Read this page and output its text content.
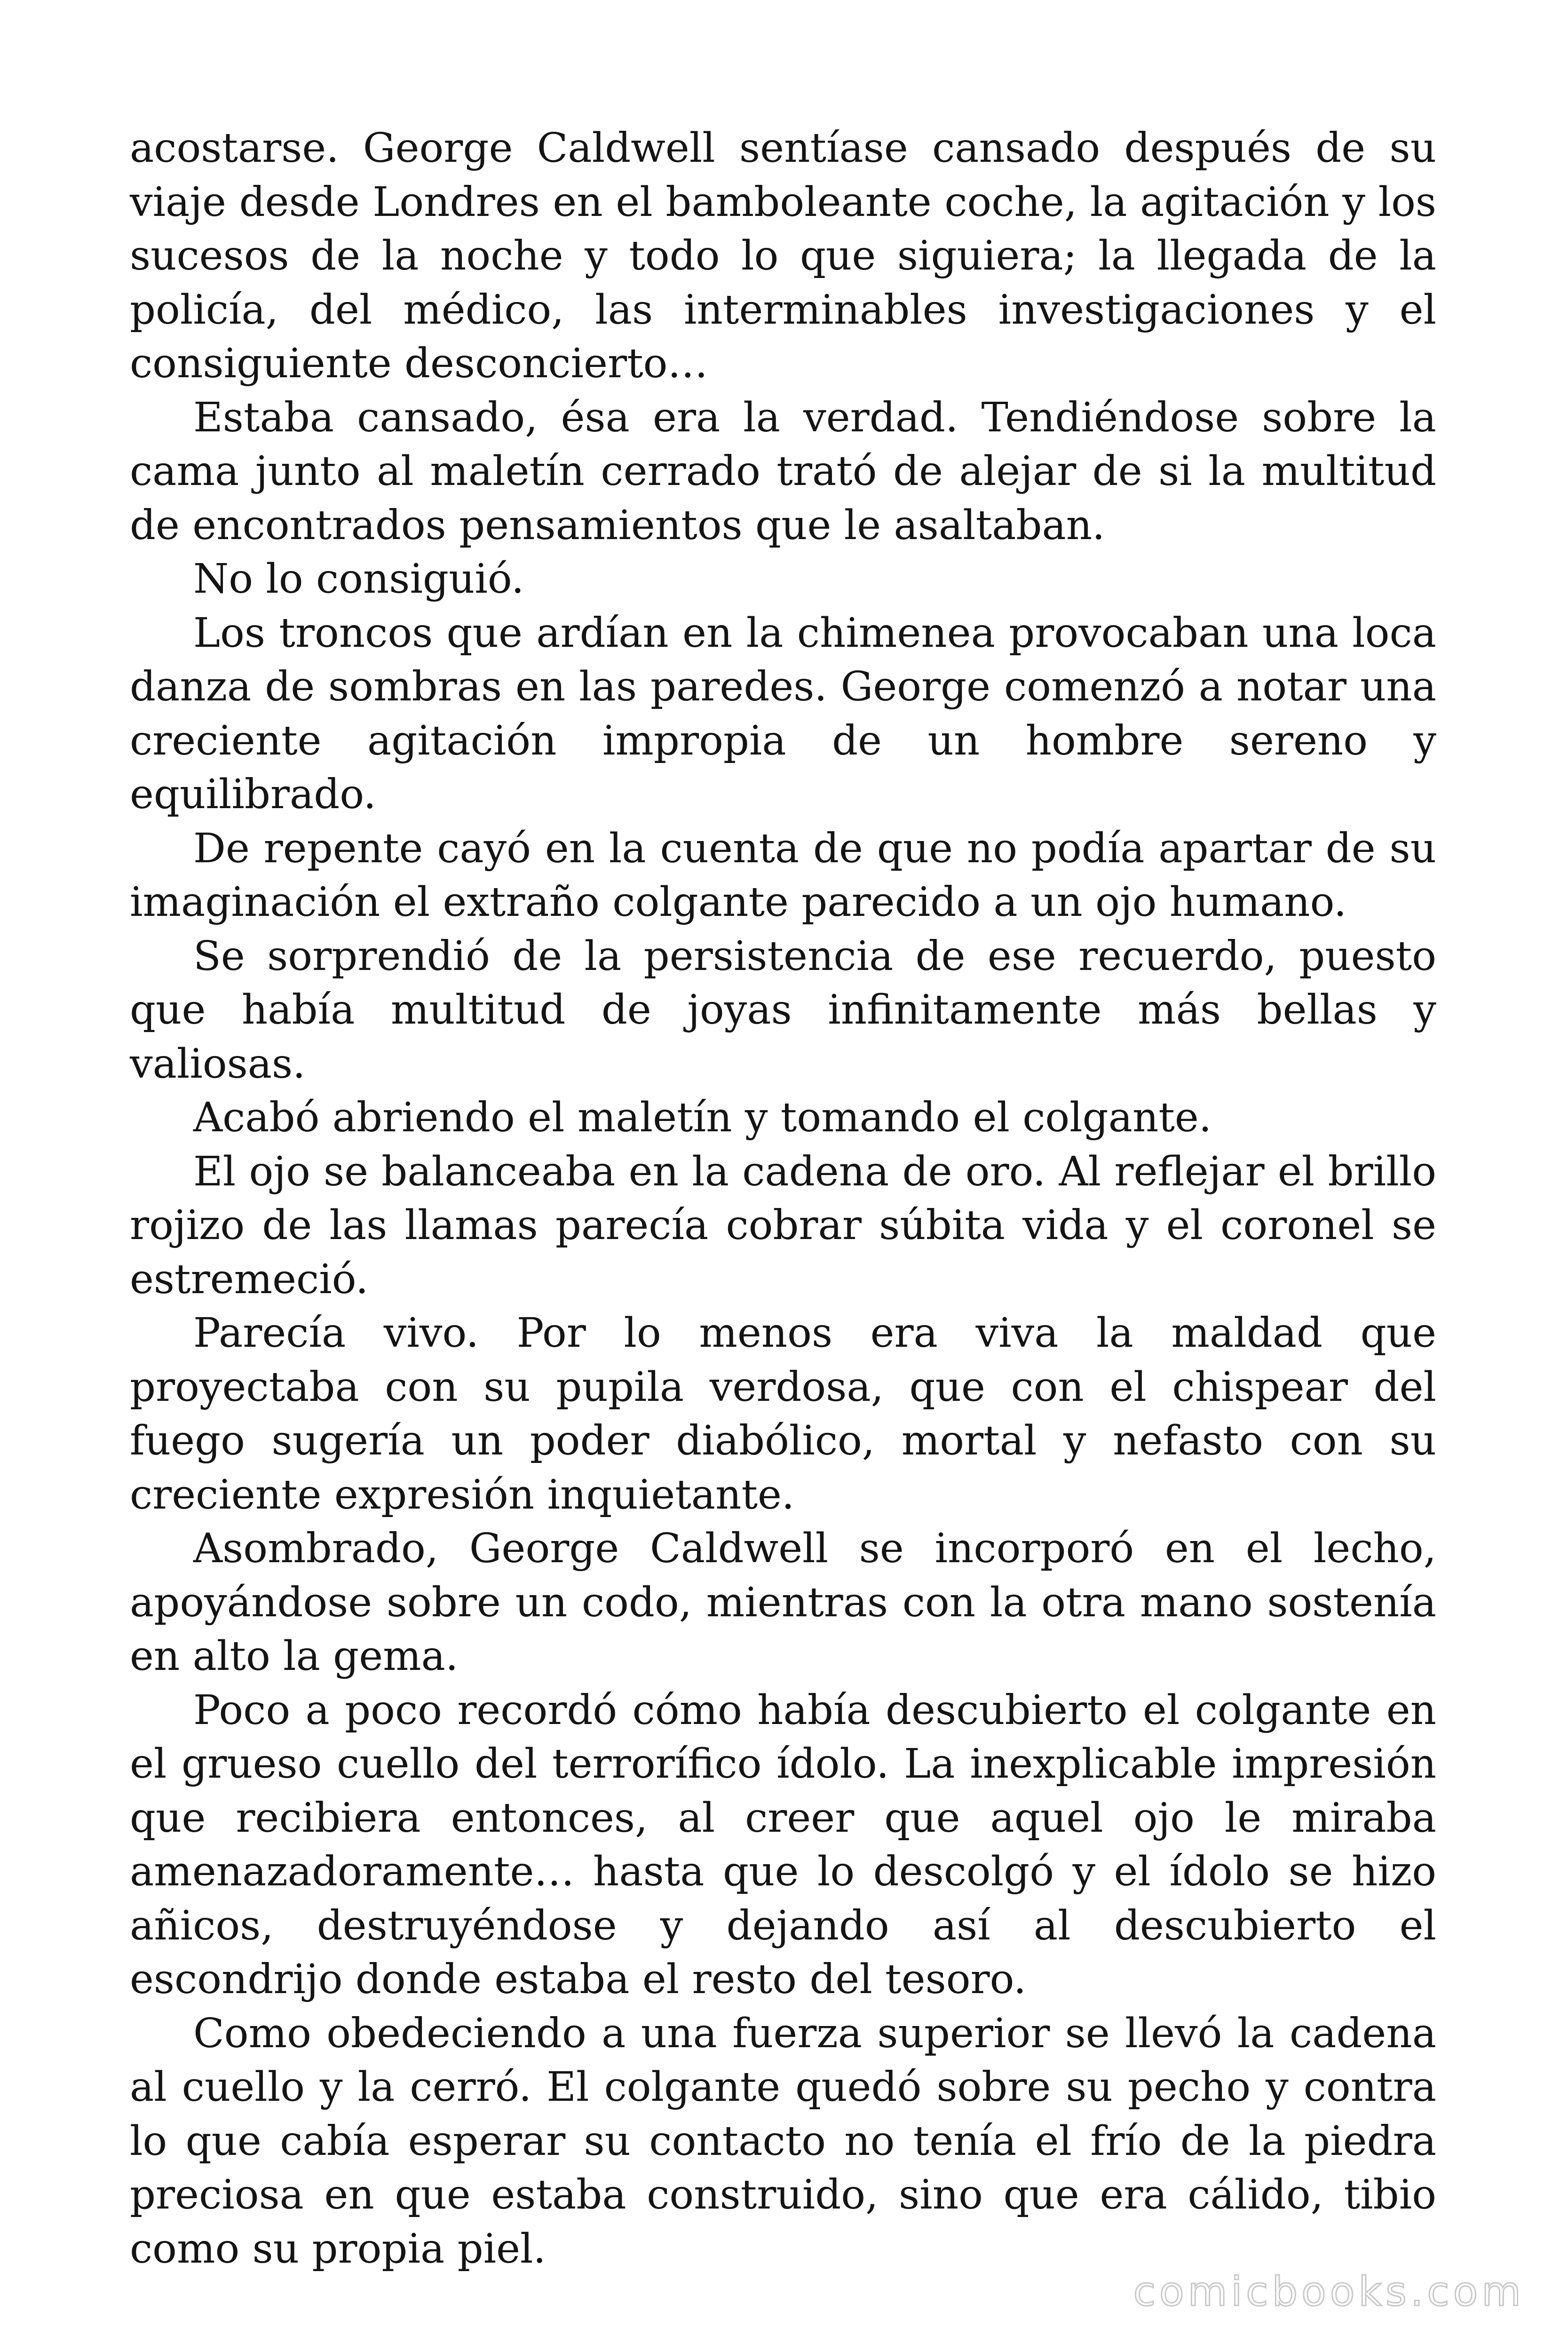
acostarse. George Caldwell sentíase cansado después de su viaje desde Londres en el bamboleante coche, la agitación y los sucesos de la noche y todo lo que siguiera; la llegada de la policía, del médico, las interminables investigaciones y el consiguiente desconcierto…

Estaba cansado, ésa era la verdad. Tendiéndose sobre la cama junto al maletín cerrado trató de alejar de si la multitud de encontrados pensamientos que le asaltaban.

No lo consiguió.

Los troncos que ardían en la chimenea provocaban una loca danza de sombras en las paredes. George comenzó a notar una creciente agitación impropia de un hombre sereno y equilibrado.

De repente cayó en la cuenta de que no podía apartar de su imaginación el extraño colgante parecido a un ojo humano.

Se sorprendió de la persistencia de ese recuerdo, puesto que había multitud de joyas infinitamente más bellas y valiosas.

Acabó abriendo el maletín y tomando el colgante.

El ojo se balanceaba en la cadena de oro. Al reflejar el brillo rojizo de las llamas parecía cobrar súbita vida y el coronel se estremeció.

Parecía vivo. Por lo menos era viva la maldad que proyectaba con su pupila verdosa, que con el chispear del fuego sugería un poder diabólico, mortal y nefasto con su creciente expresión inquietante.

Asombrado, George Caldwell se incorporó en el lecho, apoyándose sobre un codo, mientras con la otra mano sostenía en alto la gema.

Poco a poco recordó cómo había descubierto el colgante en el grueso cuello del terrorífico ídolo. La inexplicable impresión que recibiera entonces, al creer que aquel ojo le miraba amenazadoramente… hasta que lo descolgó y el ídolo se hizo añicos, destruyéndose y dejando así al descubierto el escondrijo donde estaba el resto del tesoro.

Como obedeciendo a una fuerza superior se llevó la cadena al cuello y la cerró. El colgante quedó sobre su pecho y contra lo que cabía esperar su contacto no tenía el frío de la piedra preciosa en que estaba construido, sino que era cálido, tibio como su propia piel.

comicbooks.com
